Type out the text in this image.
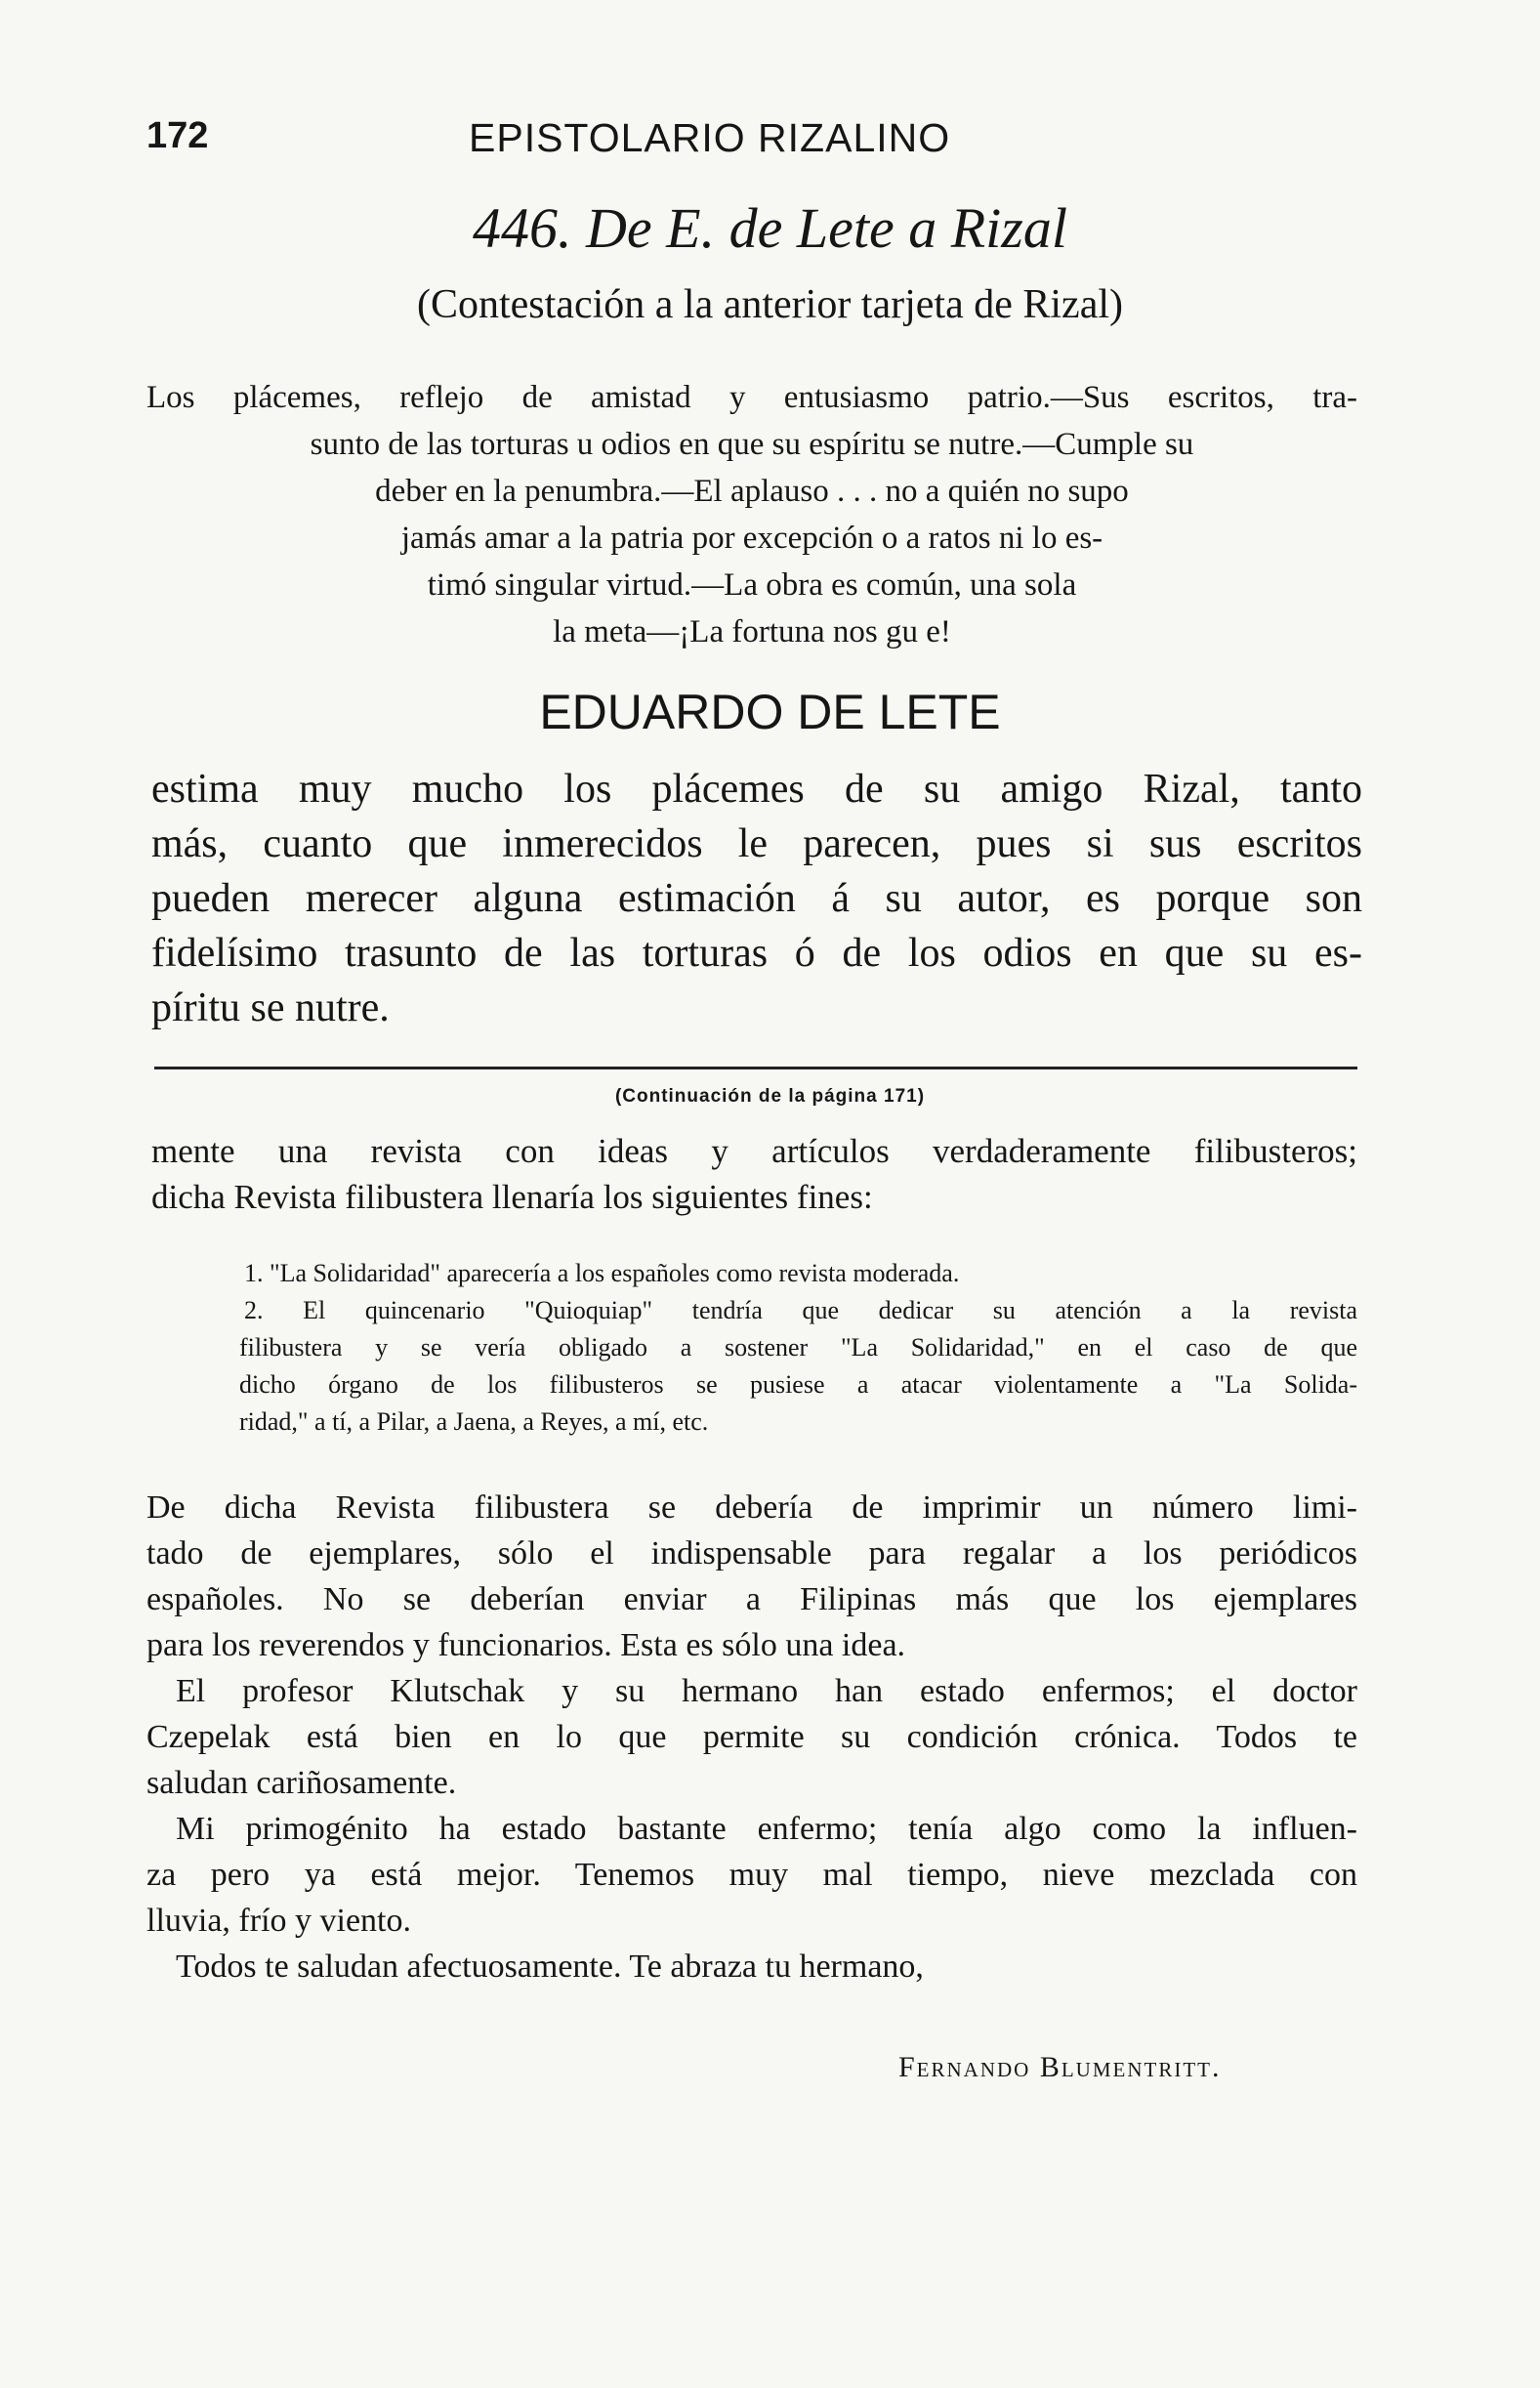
172	EPISTOLARIO RIZALINO
446. De E. de Lete a Rizal
(Contestación a la anterior tarjeta de Rizal)
Los plácemes, reflejo de amistad y entusiasmo patrio.—Sus escritos, tra-
sunto de las torturas u odios en que su espíritu se nutre.—Cumple su
deber en la penumbra.—El aplauso . . . no a quién no supo
jamás amar a la patria por excepción o a ratos ni lo es-
timó singular virtud.—La obra es común, una sola
la meta—¡La fortuna nos gu e!
EDUARDO DE LETE
estima muy mucho los plácemes de su amigo Rizal, tanto
más, cuanto que inmerecidos le parecen, pues si sus escritos
pueden merecer alguna estimación á su autor, es porque son
fidelísimo trasunto de las torturas ó de los odios en que su es-
píritu se nutre.
(Continuación de la página 171)
mente una revista con ideas y artículos verdaderamente filibusteros;
dicha Revista filibustera llenaría los siguientes fines:
1. "La Solidaridad" aparecería a los españoles como revista moderada.
2. El quincenario "Quioquiap" tendría que dedicar su atención a la revista
filibustera y se vería obligado a sostener "La Solidaridad," en el caso de que
dicho órgano de los filibusteros se pusiese a atacar violentamente a "La Solida-
ridad," a tí, a Pilar, a Jaena, a Reyes, a mí, etc.
De dicha Revista filibustera se debería de imprimir un número limi-
tado de ejemplares, sólo el indispensable para regalar a los periódicos
españoles. No se deberían enviar a Filipinas más que los ejemplares
para los reverendos y funcionarios. Esta es sólo una idea.
El profesor Klutschak y su hermano han estado enfermos; el doctor
Czepelak está bien en lo que permite su condición crónica. Todos te
saludan cariñosamente.
Mi primogénito ha estado bastante enfermo; tenía algo como la influen-
za pero ya está mejor. Tenemos muy mal tiempo, nieve mezclada con
lluvia, frío y viento.
Todos te saludan afectuosamente. Te abraza tu hermano,
Fernando Blumentritt.
